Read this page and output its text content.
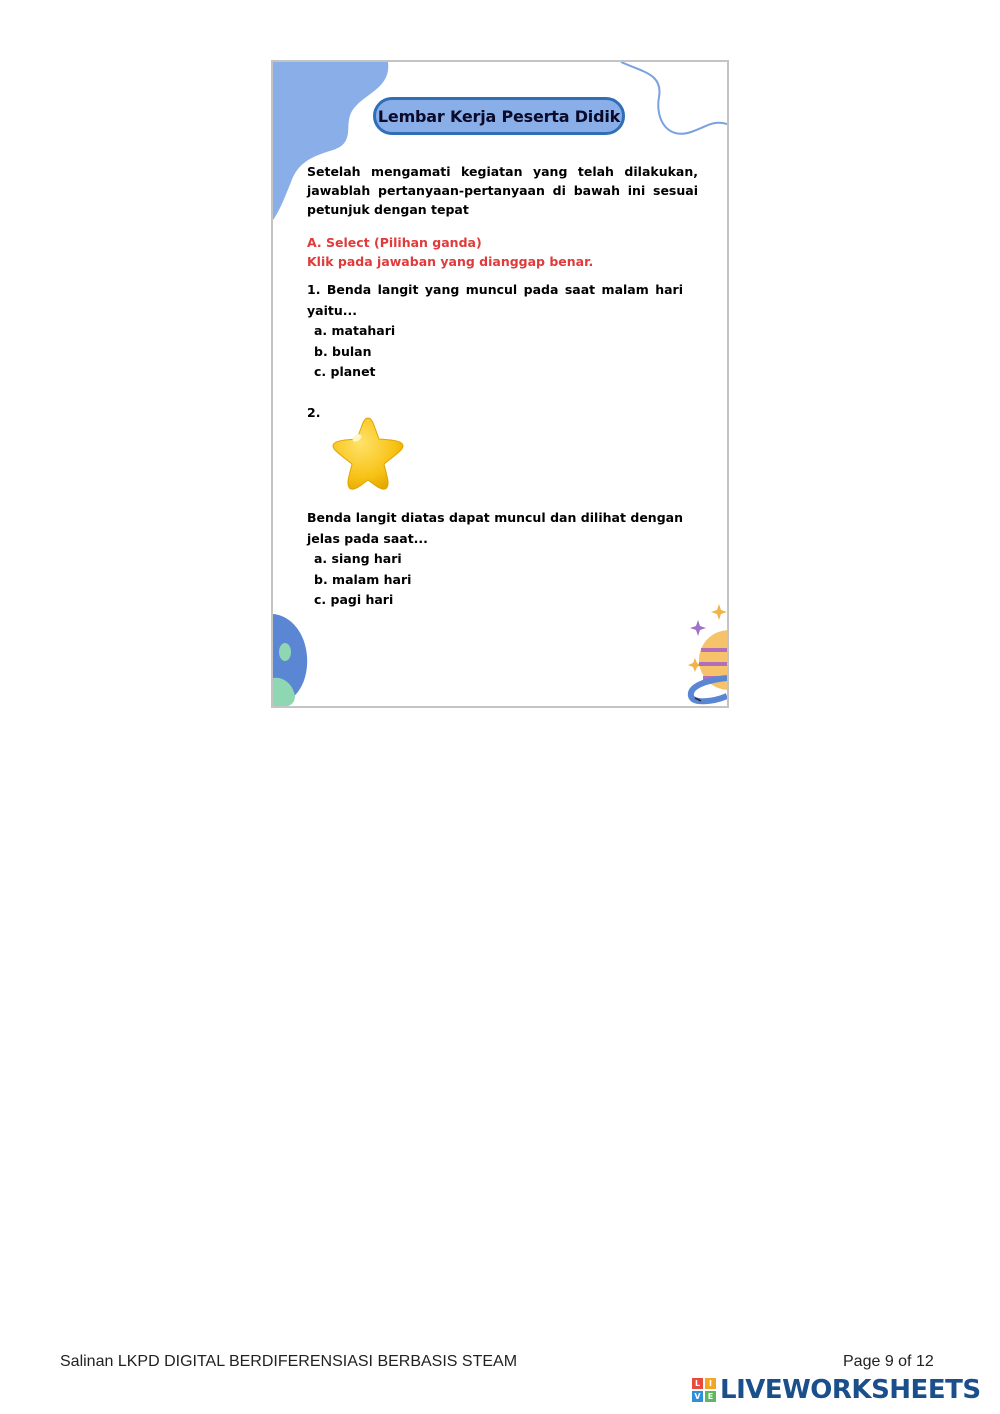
Lembar Kerja Peserta Didik
Setelah mengamati kegiatan yang telah dilakukan, jawablah pertanyaan-pertanyaan di bawah ini sesuai petunjuk dengan tepat
A. Select (Pilihan ganda)
Klik pada jawaban yang dianggap benar.
1. Benda langit yang muncul pada saat malam hari yaitu...
a. matahari
b. bulan
c. planet
2.
Benda langit diatas dapat muncul dan dilihat dengan jelas pada saat...
a. siang hari
b. malam hari
c. pagi hari
Salinan LKPD DIGITAL BERDIFERENSIASI BERBASIS STEAM	Page 9 of 12
L	I
V E LIVEWORKSHEETS
